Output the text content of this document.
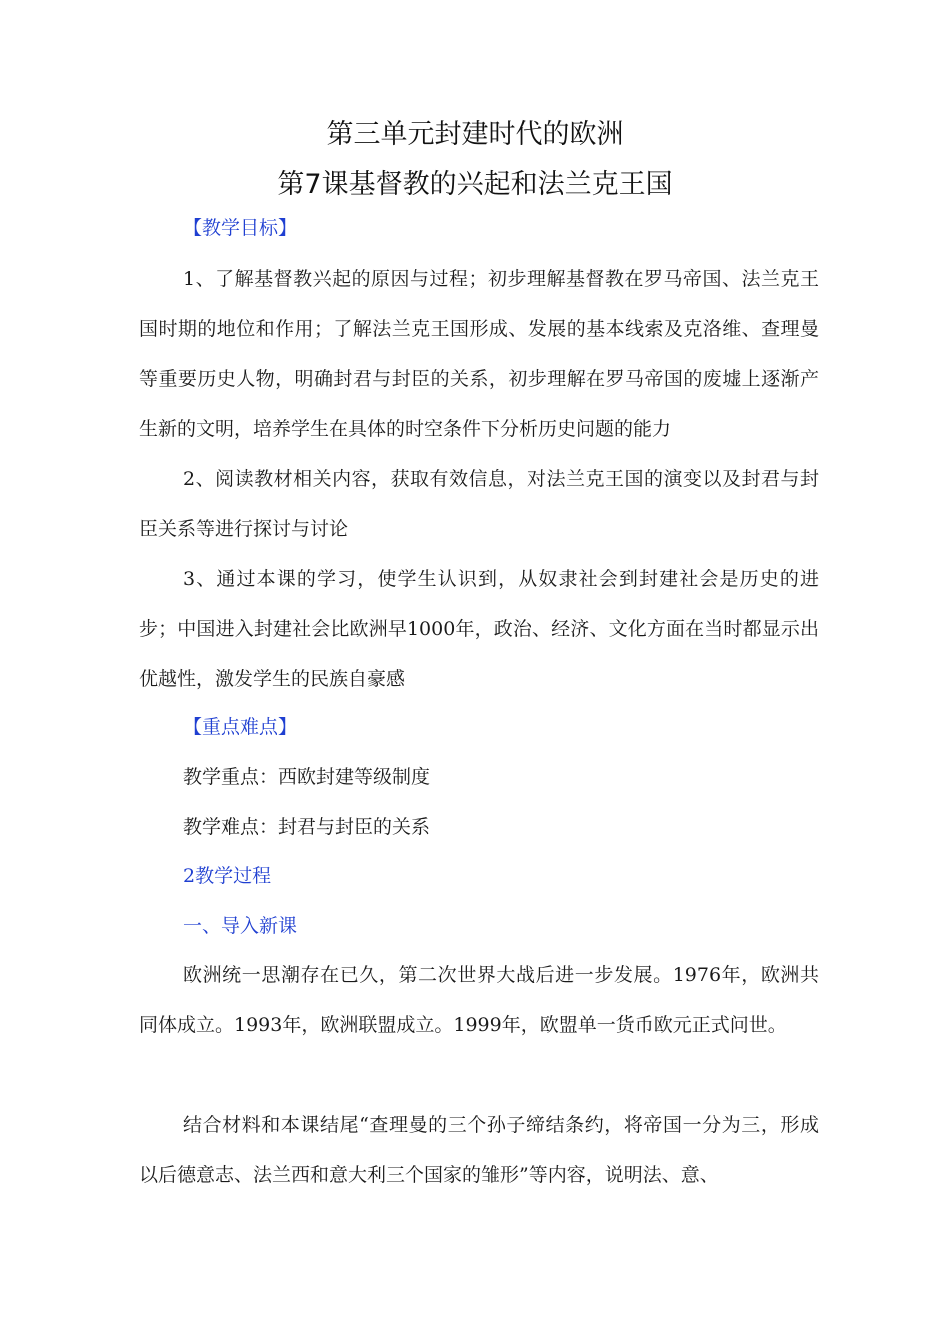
第三单元封建时代的欧洲
第7课基督教的兴起和法兰克王国
【教学目标】
1、了解基督教兴起的原因与过程；初步理解基督教在罗马帝国、法兰克王国时期的地位和作用；了解法兰克王国形成、发展的基本线索及克洛维、查理曼等重要历史人物，明确封君与封臣的关系，初步理解在罗马帝国的废墟上逐渐产生新的文明，培养学生在具体的时空条件下分析历史问题的能力
2、阅读教材相关内容，获取有效信息，对法兰克王国的演变以及封君与封臣关系等进行探讨与讨论
3、通过本课的学习，使学生认识到，从奴隶社会到封建社会是历史的进步；中国进入封建社会比欧洲早1000年，政治、经济、文化方面在当时都显示出优越性，激发学生的民族自豪感
【重点难点】
教学重点：西欧封建等级制度
教学难点：封君与封臣的关系
2教学过程
一、导入新课
欧洲统一思潮存在已久，第二次世界大战后进一步发展。1976年，欧洲共同体成立。1993年，欧洲联盟成立。1999年，欧盟单一货币欧元正式问世。
结合材料和本课结尾“查理曼的三个孙子缔结条约，将帝国一分为三，形成以后德意志、法兰西和意大利三个国家的雏形”等内容，说明法、意、
